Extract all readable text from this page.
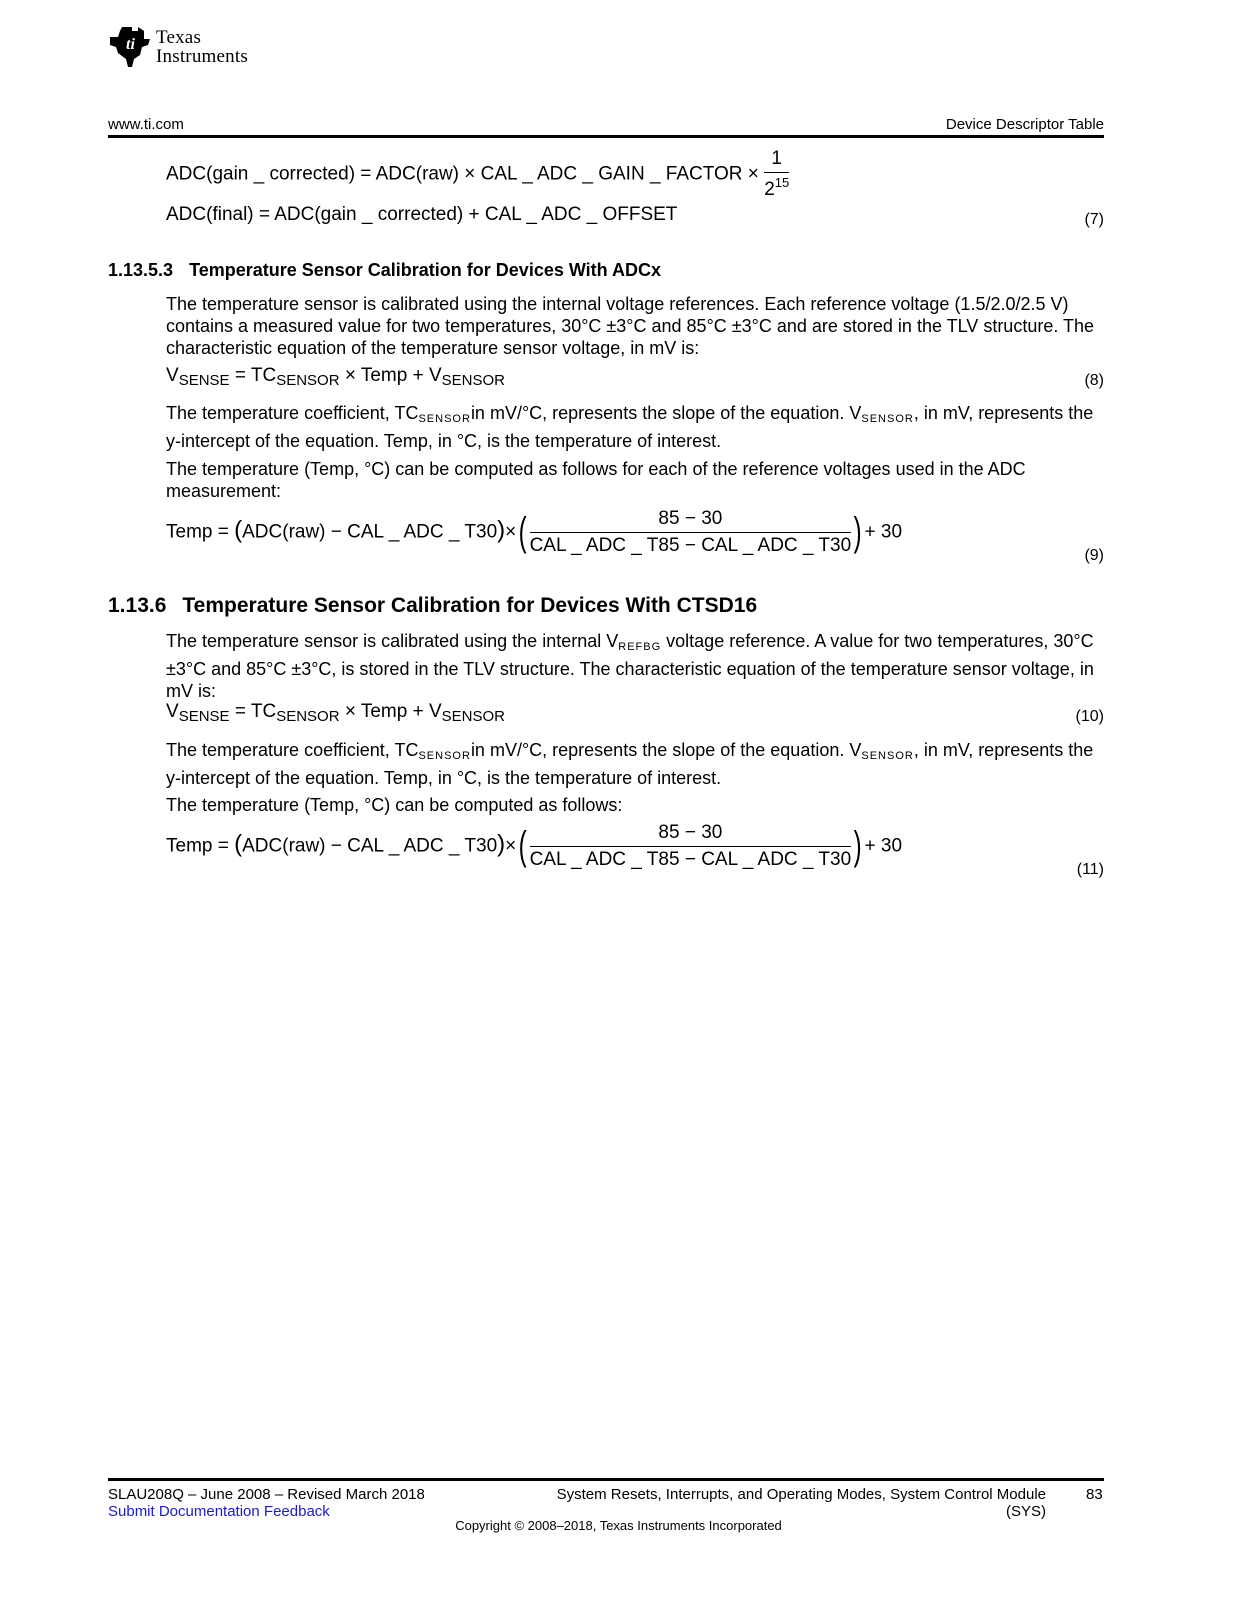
ti Texas
Instruments
www.ti.com	Device Descriptor Table
ADC(gain _ corrected) = ADC(raw) × CAL _ ADC _ GAIN _ FACTOR × $\frac{1}{2^{15}}$
ADC(final) = ADC(gain _ corrected) + CAL _ ADC _ OFFSET	(7)
1.13.5.3 Temperature Sensor Calibration for Devices With ADCx
The temperature sensor is calibrated using the internal voltage references. Each reference voltage (1.5/2.0/2.5 V) contains a measured value for two temperatures, 30°C ±3°C and 85°C ±3°C and are stored in the TLV structure. The characteristic equation of the temperature sensor voltage, in mV is:
$V_{SENSE} = TC_{SENSOR}$ × Temp + $V_{SENSOR}$	(8)
The temperature coefficient, TCSENSORin mV/°C, represents the slope of the equation. VSENSOR, in mV, represents the y-intercept of the equation. Temp, in °C, is the temperature of interest.
The temperature (Temp, °C) can be computed as follows for each of the reference voltages used in the ADC measurement:
Temp = (ADC(raw) − CAL _ ADC _ $T30)\times( \frac{85 - 30}{\text{CAL \_ ADC \_ T85 − CAL \_ ADC \_ T30}}$ ) + 30
(9)
1.13.6 Temperature Sensor Calibration for Devices With CTSD16
The temperature sensor is calibrated using the internal VREFBG voltage reference. A value for two temperatures, 30°C ±3°C and 85°C ±3°C, is stored in the TLV structure. The characteristic equation of the temperature sensor voltage, in mV is:
$V_{SENSE} = TC_{SENSOR}$ × Temp + $V_{SENSOR}$	(10)
The temperature coefficient, TCSENSORin mV/°C, represents the slope of the equation. VSENSOR, in mV, represents the y-intercept of the equation. Temp, in °C, is the temperature of interest.
The temperature (Temp, °C) can be computed as follows:
Temp = (ADC(raw) − CAL _ ADC _ $T30)\times( \frac{85 - 30}{\text{CAL \_ ADC \_ T85 − CAL \_ ADC \_ T30}}$ ) + 30
(11)
SLAU208Q – June 2008 – Revised March 2018
Submit Documentation Feedback
System Resets, Interrupts, and Operating Modes, System Control Module (SYS)
83
Copyright © 2008–2018, Texas Instruments Incorporated
